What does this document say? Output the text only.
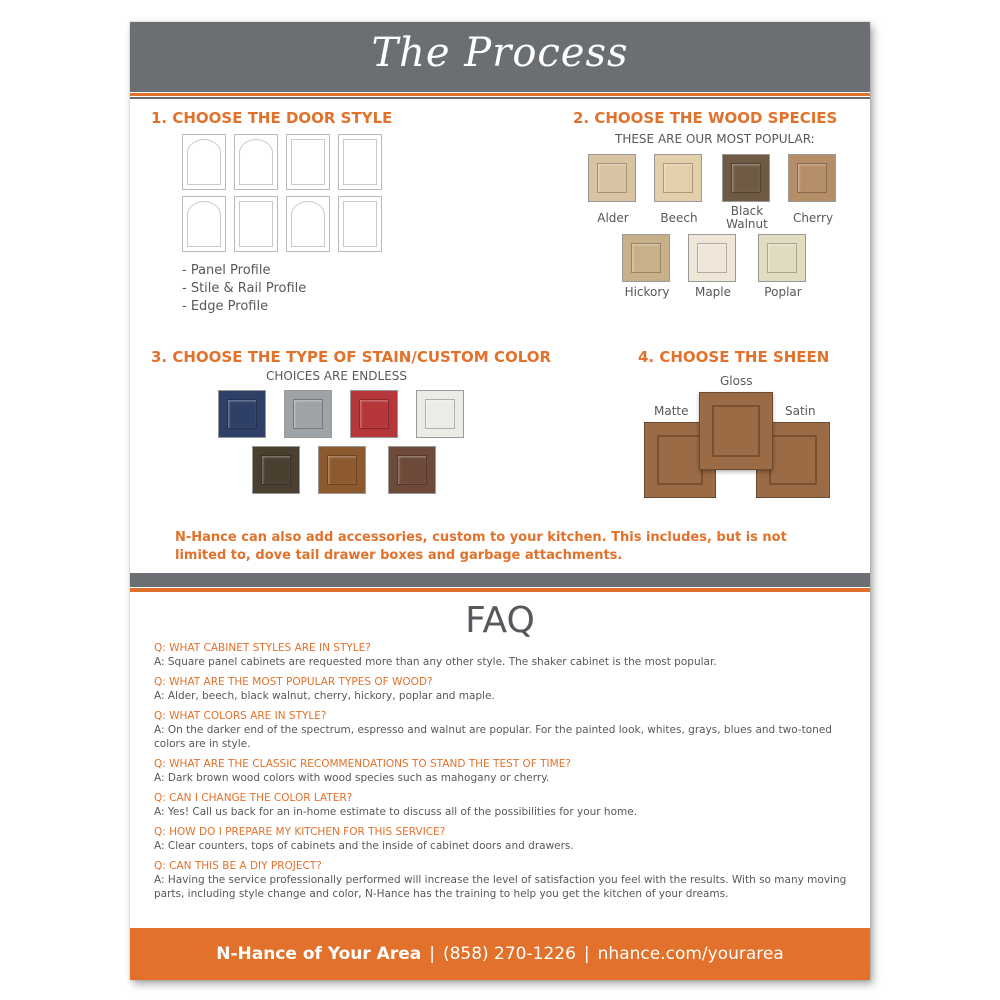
The Process
1. CHOOSE THE DOOR STYLE
- Panel Profile
- Stile & Rail Profile
- Edge Profile
2. CHOOSE THE WOOD SPECIES
THESE ARE OUR MOST POPULAR:
Alder	Beech	Black Walnut	Cherry
Hickory	Maple	Poplar
3. CHOOSE THE TYPE OF STAIN/CUSTOM COLOR
CHOICES ARE ENDLESS
4. CHOOSE THE SHEEN
Gloss
Matte	Satin
N-Hance can also add accessories, custom to your kitchen. This includes, but is not limited to, dove tail drawer boxes and garbage attachments.
FAQ
Q: WHAT CABINET STYLES ARE IN STYLE?
A: Square panel cabinets are requested more than any other style. The shaker cabinet is the most popular.
Q: WHAT ARE THE MOST POPULAR TYPES OF WOOD?
A: Alder, beech, black walnut, cherry, hickory, poplar and maple.
Q: WHAT COLORS ARE IN STYLE?
A: On the darker end of the spectrum, espresso and walnut are popular. For the painted look, whites, grays, blues and two-toned colors are in style.
Q: WHAT ARE THE CLASSIC RECOMMENDATIONS TO STAND THE TEST OF TIME?
A: Dark brown wood colors with wood species such as mahogany or cherry.
Q: CAN I CHANGE THE COLOR LATER?
A: Yes! Call us back for an in-home estimate to discuss all of the possibilities for your home.
Q: HOW DO I PREPARE MY KITCHEN FOR THIS SERVICE?
A: Clear counters, tops of cabinets and the inside of cabinet doors and drawers.
Q: CAN THIS BE A DIY PROJECT?
A: Having the service professionally performed will increase the level of satisfaction you feel with the results. With so many moving parts, including style change and color, N-Hance has the training to help you get the kitchen of your dreams.
N-Hance of Your Area | (858) 270-1226 | nhance.com/yourarea
